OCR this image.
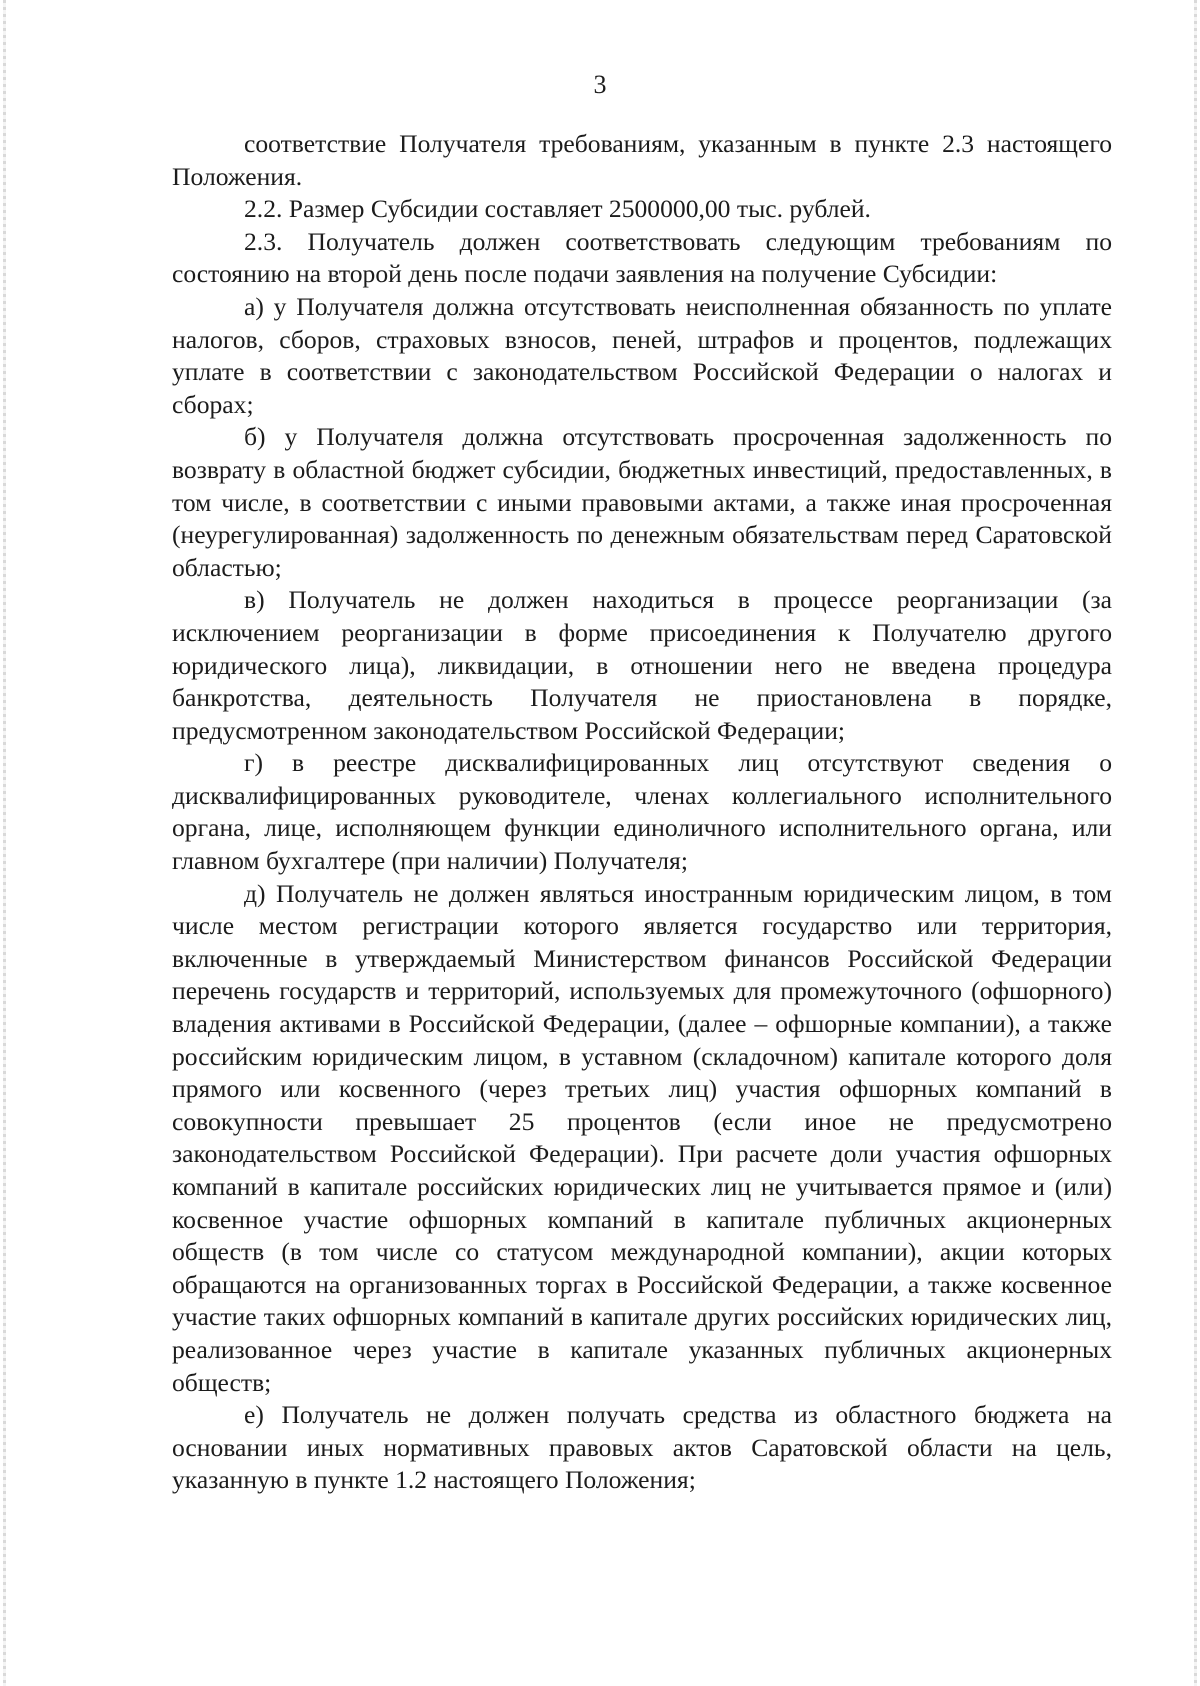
3

соответствие Получателя требованиям, указанным в пункте 2.3 настоящего Положения.

2.2. Размер Субсидии составляет 2500000,00 тыс. рублей.

2.3. Получатель должен соответствовать следующим требованиям по состоянию на второй день после подачи заявления на получение Субсидии:

а) у Получателя должна отсутствовать неисполненная обязанность по уплате налогов, сборов, страховых взносов, пеней, штрафов и процентов, подлежащих уплате в соответствии с законодательством Российской Федерации о налогах и сборах;

б) у Получателя должна отсутствовать просроченная задолженность по возврату в областной бюджет субсидии, бюджетных инвестиций, предоставленных, в том числе, в соответствии с иными правовыми актами, а также иная просроченная (неурегулированная) задолженность по денежным обязательствам перед Саратовской областью;

в) Получатель не должен находиться в процессе реорганизации (за исключением реорганизации в форме присоединения к Получателю другого юридического лица), ликвидации, в отношении него не введена процедура банкротства, деятельность Получателя не приостановлена в порядке, предусмотренном законодательством Российской Федерации;

г) в реестре дисквалифицированных лиц отсутствуют сведения о дисквалифицированных руководителе, членах коллегиального исполнительного органа, лице, исполняющем функции единоличного исполнительного органа, или главном бухгалтере (при наличии) Получателя;

д) Получатель не должен являться иностранным юридическим лицом, в том числе местом регистрации которого является государство или территория, включенные в утверждаемый Министерством финансов Российской Федерации перечень государств и территорий, используемых для промежуточного (офшорного) владения активами в Российской Федерации, (далее – офшорные компании), а также российским юридическим лицом, в уставном (складочном) капитале которого доля прямого или косвенного (через третьих лиц) участия офшорных компаний в совокупности превышает 25 процентов (если иное не предусмотрено законодательством Российской Федерации). При расчете доли участия офшорных компаний в капитале российских юридических лиц не учитывается прямое и (или) косвенное участие офшорных компаний в капитале публичных акционерных обществ (в том числе со статусом международной компании), акции которых обращаются на организованных торгах в Российской Федерации, а также косвенное участие таких офшорных компаний в капитале других российских юридических лиц, реализованное через участие в капитале указанных публичных акционерных обществ;

е) Получатель не должен получать средства из областного бюджета на основании иных нормативных правовых актов Саратовской области на цель, указанную в пункте 1.2 настоящего Положения;
